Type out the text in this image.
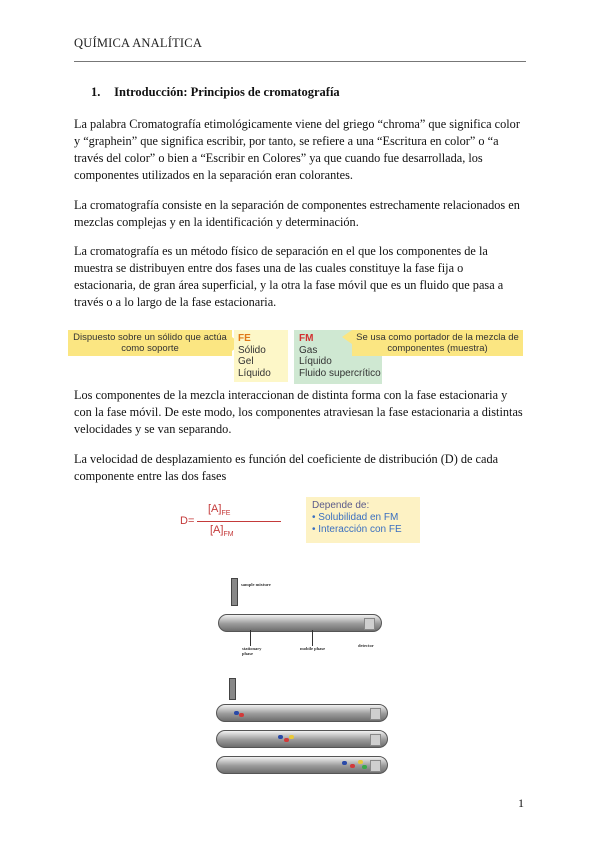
QUÍMICA ANALÍTICA
1. Introducción: Principios de cromatografía

La palabra Cromatografía etimológicamente viene del griego “chroma” que significa color y “graphein” que significa escribir, por tanto, se refiere a una “Escritura en color” o “a través del color” o bien a “Escribir en Colores” ya que cuando fue desarrollada, los componentes utilizados en la separación eran colorantes.

La cromatografía consiste en la separación de componentes estrechamente relacionados en mezclas complejas y en la identificación y determinación.

La cromatografía es un método físico de separación en el que los componentes de la muestra se distribuyen entre dos fases una de las cuales constituye la fase fija o estacionaria, de gran área superficial, y la otra la fase móvil que es un fluido que pasa a través o a lo largo de la fase estacionaria.

Dispuesto sobre un sólido que actúa como soporte
FE
Sólido
Gel
Líquido
FM
Gas
Líquido
Fluido supercrítico
Se usa como portador de la mezcla de componentes (muestra)

Los componentes de la mezcla interaccionan de distinta forma con la fase estacionaria y con la fase móvil. De este modo, los componentes atraviesan la fase estacionaria a distintas velocidades y se van separando.

La velocidad de desplazamiento es función del coeficiente de distribución (D) de cada componente entre las dos fases

D=
$[A]_{FE}$
$[A]_{FM}$
Depende de:
• Solubilidad en FM
• Interacción con FE
sample mixture
stationary phase
mobile phase
detector
1
